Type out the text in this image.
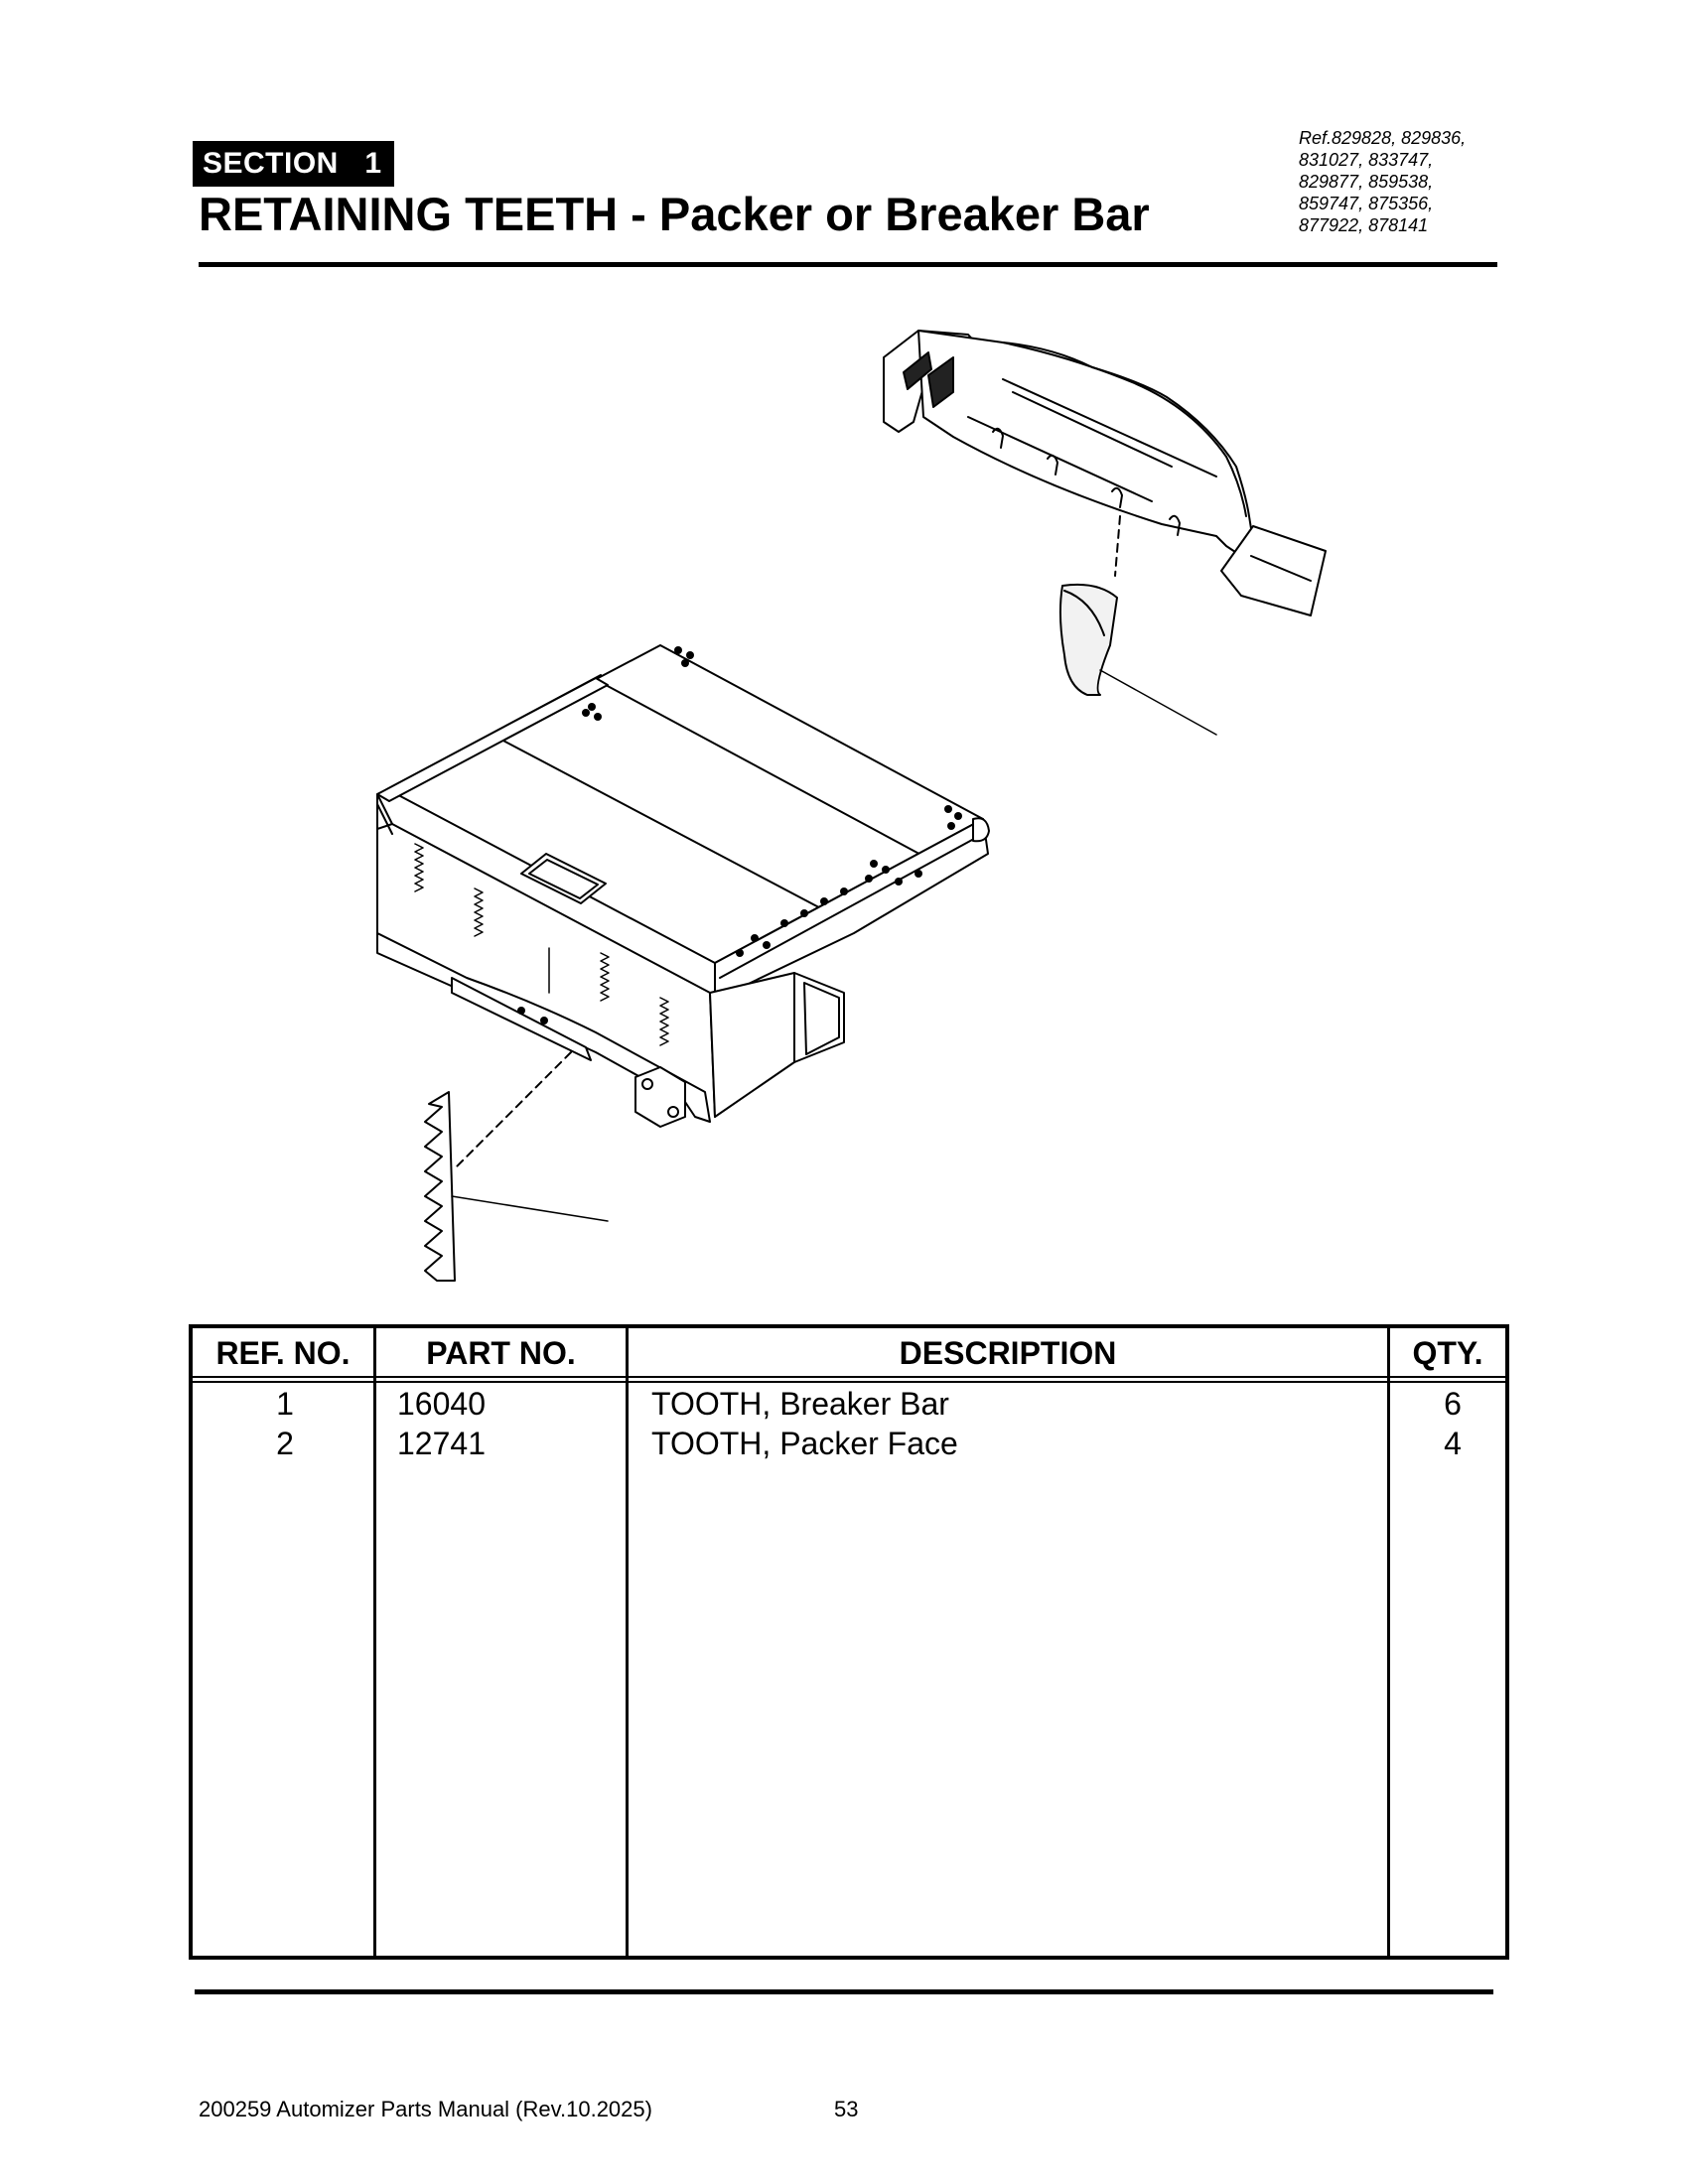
SECTION   1
RETAINING TEETH - Packer or Breaker Bar
Ref.829828, 829836,
831027, 833747,
829877, 859538,
859747, 875356,
877922, 878141
REF. NO.	PART NO.	DESCRIPTION	QTY.
1	16040	TOOTH, Breaker Bar	6
2	12741	TOOTH, Packer Face	4
200259 Automizer Parts Manual (Rev.10.2025)	53
